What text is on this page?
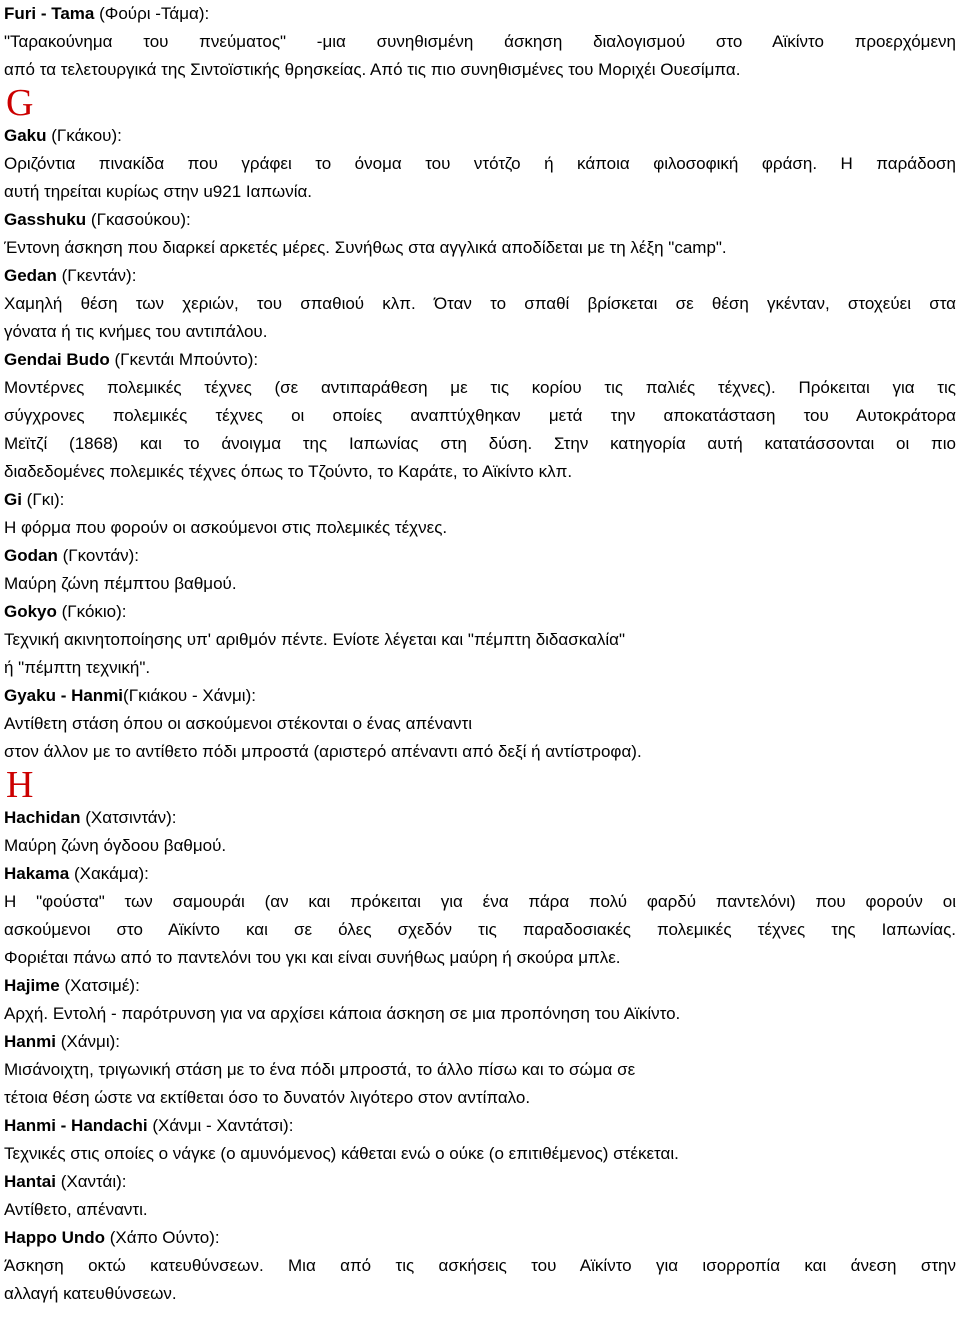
Furi - Tama (Φούρι -Τάμα):
"Ταρακούνημα του πνεύματος" -μια συνηθισμένη άσκηση διαλογισμού στο Αϊκίντο προερχόμενη
από τα τελετουργικά της Σιντοϊστικής θρησκείας. Από τις πιο συνηθισμένες του Μοριχέι Ουεσίμπα.
G
Gaku (Γκάκου):
Οριζόντια πινακίδα που γράφει το όνομα του ντότζο ή κάποια φιλοσοφική φράση. Η παράδοση
αυτή τηρείται κυρίως στην u921 Ιαπωνία.
Gasshuku (Γκασούκου):
Έντονη άσκηση που διαρκεί αρκετές μέρες. Συνήθως στα αγγλικά αποδίδεται με τη λέξη "camp".
Gedan (Γκεντάν):
Χαμηλή θέση των χεριών, του σπαθιού κλπ. Όταν το σπαθί βρίσκεται σε θέση γκένταν, στοχεύει στα
γόνατα ή τις κνήμες του αντιπάλου.
Gendai Budo (Γκεντάι Μπούντο):
Μοντέρνες πολεμικές τέχνες (σε αντιπαράθεση με τις κορίου τις παλιές τέχνες). Πρόκειται για τις
σύγχρονες πολεμικές τέχνες οι οποίες αναπτύχθηκαν μετά την αποκατάσταση του Αυτοκράτορα
Μεϊτζί (1868) και το άνοιγμα της Ιαπωνίας στη δύση. Στην κατηγορία αυτή κατατάσσονται οι πιο
διαδεδομένες πολεμικές τέχνες όπως το Τζούντο, το Καράτε, το Αϊκίντο κλπ.
Gi (Γκι):
Η φόρμα που φορούν οι ασκούμενοι στις πολεμικές τέχνες.
Godan (Γκοντάν):
Μαύρη ζώνη πέμπτου βαθμού.
Gokyo (Γκόκιο):
Τεχνική ακινητοποίησης υπ' αριθμόν πέντε. Ενίοτε λέγεται και "πέμπτη διδασκαλία"
ή "πέμπτη τεχνική".
Gyaku - Hanmi(Γκιάκου - Χάνμι):
Αντίθετη στάση όπου οι ασκούμενοι στέκονται ο ένας απέναντι
στον άλλον με το αντίθετο πόδι μπροστά (αριστερό απέναντι από δεξί ή αντίστροφα).
H
Hachidan (Χατσιντάν):
Μαύρη ζώνη όγδοου βαθμού.
Hakama (Χακάμα):
Η "φούστα" των σαμουράι (αν και πρόκειται για ένα πάρα πολύ φαρδύ παντελόνι) που φορούν οι
ασκούμενοι στο Αϊκίντο και σε όλες σχεδόν τις παραδοσιακές πολεμικές τέχνες της Ιαπωνίας.
Φοριέται πάνω από το παντελόνι του γκι και είναι συνήθως μαύρη ή σκούρα μπλε.
Hajime (Χατσιμέ):
Αρχή. Εντολή - παρότρυνση για να αρχίσει κάποια άσκηση σε μια προπόνηση του Αϊκίντο.
Hanmi (Χάνμι):
Μισάνοιχτη, τριγωνική στάση με το ένα πόδι μπροστά, το άλλο πίσω και το σώμα σε
τέτοια θέση ώστε να εκτίθεται όσο το δυνατόν λιγότερο στον αντίπαλο.
Hanmi - Handachi (Χάνμι - Χαντάτσι):
Τεχνικές στις οποίες ο νάγκε (ο αμυνόμενος) κάθεται ενώ ο ούκε (ο επιτιθέμενος) στέκεται.
Hantai (Χαντάι):
Αντίθετο, απέναντι.
Happo Undo (Χάπο Ούντο):
Άσκηση οκτώ κατευθύνσεων. Μια από τις ασκήσεις του Αϊκίντο για ισορροπία και άνεση στην
αλλαγή κατευθύνσεων.
